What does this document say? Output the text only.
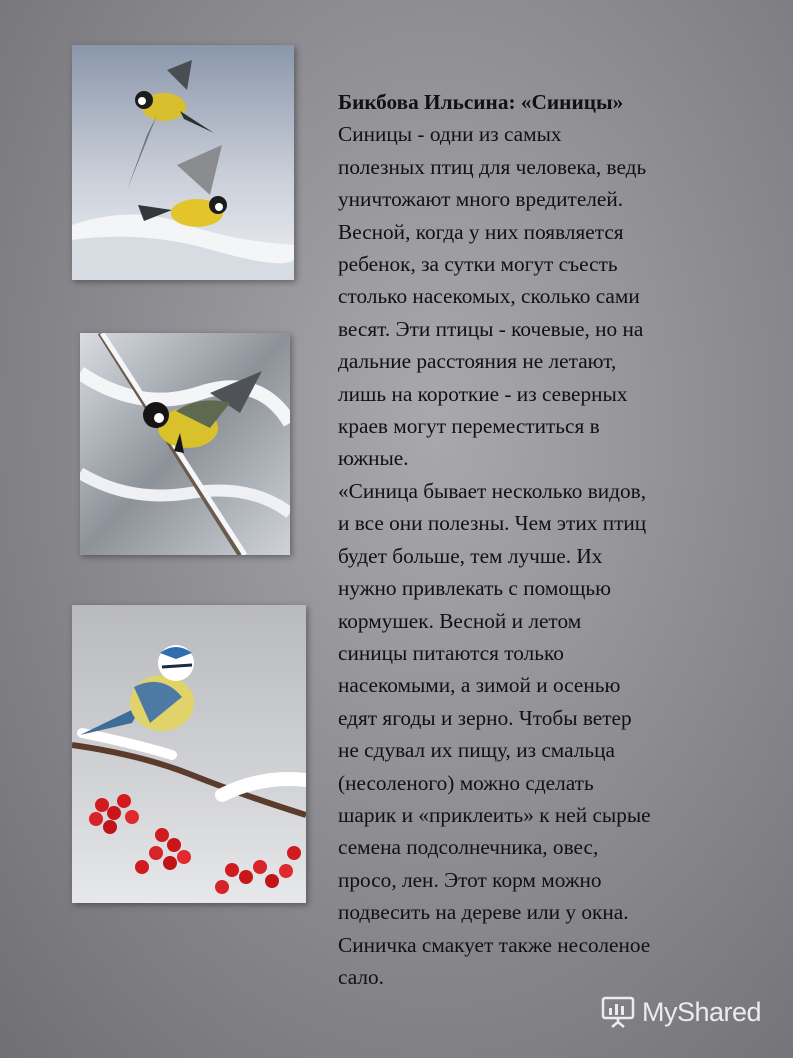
Бикбова Ильсина: «Синицы»
Синицы - одни из самых
полезных птиц для человека, ведь
уничтожают много вредителей.
Весной, когда у них появляется
ребенок, за сутки могут съесть
столько насекомых, сколько сами
весят. Эти птицы - кочевые, но на
дальние расстояния не летают,
лишь на короткие - из северных
краев могут переместиться в
южные.
«Синица бывает несколько видов,
и все они полезны. Чем этих птиц
будет больше, тем лучше. Их
нужно привлекать с помощью
кормушек. Весной и летом
синицы питаются только
насекомыми, а зимой и осенью
едят ягоды и зерно. Чтобы ветер
не сдувал их пищу, из смальца
(несоленого) можно сделать
шарик и «приклеить» к ней сырые
семена подсолнечника, овес,
просо, лен. Этот корм можно
подвесить на дереве или у окна.
Синичка смакует также несоленое
сало.
MyShared
